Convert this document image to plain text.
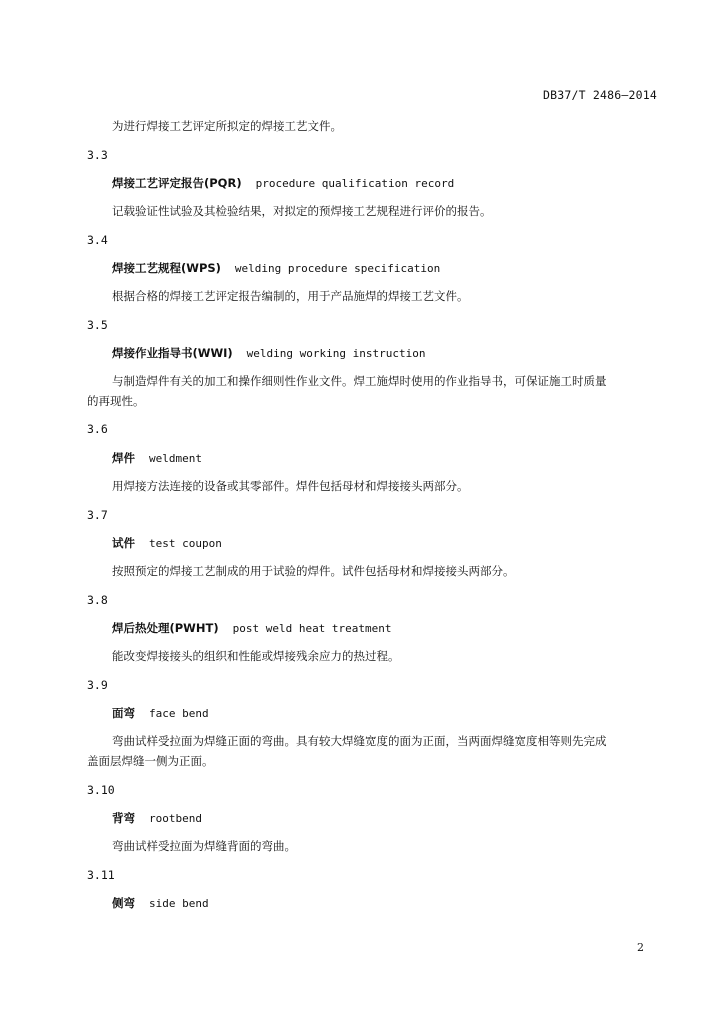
DB37/T 2486—2014
为进行焊接工艺评定所拟定的焊接工艺文件。
3.3
焊接工艺评定报告(PQR) procedure qualification record
记载验证性试验及其检验结果，对拟定的预焊接工艺规程进行评价的报告。
3.4
焊接工艺规程(WPS) welding procedure specification
根据合格的焊接工艺评定报告编制的，用于产品施焊的焊接工艺文件。
3.5
焊接作业指导书(WWI) welding working instruction
与制造焊件有关的加工和操作细则性作业文件。焊工施焊时使用的作业指导书，可保证施工时质量
的再现性。
3.6
焊件 weldment
用焊接方法连接的设备或其零部件。焊件包括母材和焊接接头两部分。
3.7
试件 test coupon
按照预定的焊接工艺制成的用于试验的焊件。试件包括母材和焊接接头两部分。
3.8
焊后热处理(PWHT) post weld heat treatment
能改变焊接接头的组织和性能或焊接残余应力的热过程。
3.9
面弯 face bend
弯曲试样受拉面为焊缝正面的弯曲。具有较大焊缝宽度的面为正面，当两面焊缝宽度相等则先完成
盖面层焊缝一侧为正面。
3.10
背弯 rootbend
弯曲试样受拉面为焊缝背面的弯曲。
3.11
侧弯 side bend
2
